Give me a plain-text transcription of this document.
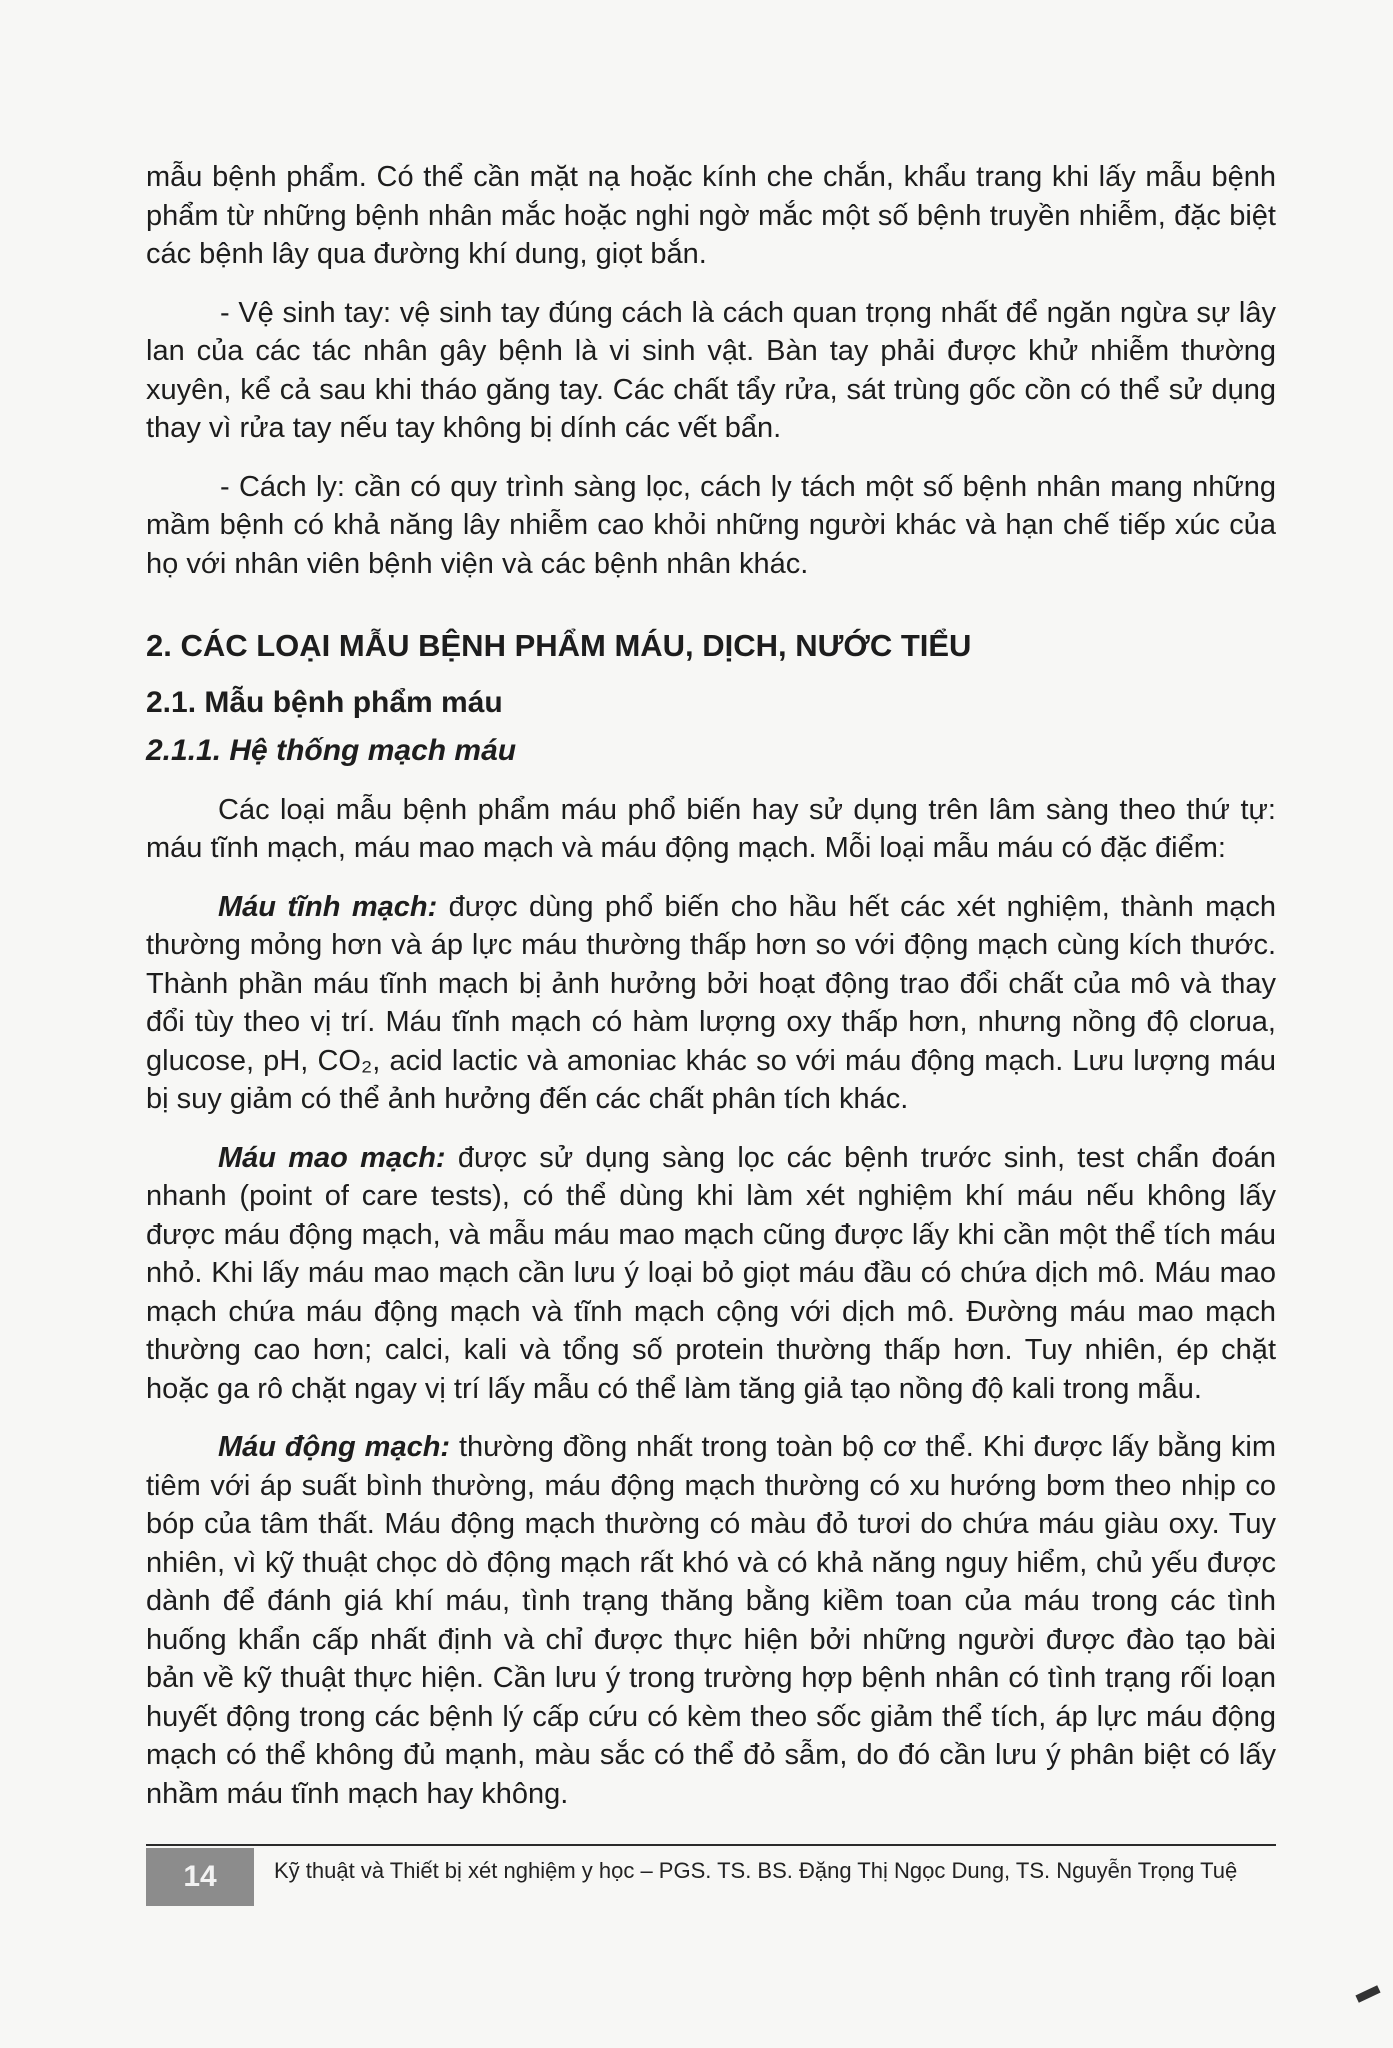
mẫu bệnh phẩm. Có thể cần mặt nạ hoặc kính che chắn, khẩu trang khi lấy mẫu bệnh phẩm từ những bệnh nhân mắc hoặc nghi ngờ mắc một số bệnh truyền nhiễm, đặc biệt các bệnh lây qua đường khí dung, giọt bắn.

- Vệ sinh tay: vệ sinh tay đúng cách là cách quan trọng nhất để ngăn ngừa sự lây lan của các tác nhân gây bệnh là vi sinh vật. Bàn tay phải được khử nhiễm thường xuyên, kể cả sau khi tháo găng tay. Các chất tẩy rửa, sát trùng gốc cồn có thể sử dụng thay vì rửa tay nếu tay không bị dính các vết bẩn.

- Cách ly: cần có quy trình sàng lọc, cách ly tách một số bệnh nhân mang những mầm bệnh có khả năng lây nhiễm cao khỏi những người khác và hạn chế tiếp xúc của họ với nhân viên bệnh viện và các bệnh nhân khác.

2. CÁC LOẠI MẪU BỆNH PHẨM MÁU, DỊCH, NƯỚC TIỂU

2.1. Mẫu bệnh phẩm máu

2.1.1. Hệ thống mạch máu

Các loại mẫu bệnh phẩm máu phổ biến hay sử dụng trên lâm sàng theo thứ tự: máu tĩnh mạch, máu mao mạch và máu động mạch. Mỗi loại mẫu máu có đặc điểm:

Máu tĩnh mạch: được dùng phổ biến cho hầu hết các xét nghiệm, thành mạch thường mỏng hơn và áp lực máu thường thấp hơn so với động mạch cùng kích thước. Thành phần máu tĩnh mạch bị ảnh hưởng bởi hoạt động trao đổi chất của mô và thay đổi tùy theo vị trí. Máu tĩnh mạch có hàm lượng oxy thấp hơn, nhưng nồng độ clorua, glucose, pH, CO₂, acid lactic và amoniac khác so với máu động mạch. Lưu lượng máu bị suy giảm có thể ảnh hưởng đến các chất phân tích khác.

Máu mao mạch: được sử dụng sàng lọc các bệnh trước sinh, test chẩn đoán nhanh (point of care tests), có thể dùng khi làm xét nghiệm khí máu nếu không lấy được máu động mạch, và mẫu máu mao mạch cũng được lấy khi cần một thể tích máu nhỏ. Khi lấy máu mao mạch cần lưu ý loại bỏ giọt máu đầu có chứa dịch mô. Máu mao mạch chứa máu động mạch và tĩnh mạch cộng với dịch mô. Đường máu mao mạch thường cao hơn; calci, kali và tổng số protein thường thấp hơn. Tuy nhiên, ép chặt hoặc ga rô chặt ngay vị trí lấy mẫu có thể làm tăng giả tạo nồng độ kali trong mẫu.

Máu động mạch: thường đồng nhất trong toàn bộ cơ thể. Khi được lấy bằng kim tiêm với áp suất bình thường, máu động mạch thường có xu hướng bơm theo nhịp co bóp của tâm thất. Máu động mạch thường có màu đỏ tươi do chứa máu giàu oxy. Tuy nhiên, vì kỹ thuật chọc dò động mạch rất khó và có khả năng nguy hiểm, chủ yếu được dành để đánh giá khí máu, tình trạng thăng bằng kiềm toan của máu trong các tình huống khẩn cấp nhất định và chỉ được thực hiện bởi những người được đào tạo bài bản về kỹ thuật thực hiện. Cần lưu ý trong trường hợp bệnh nhân có tình trạng rối loạn huyết động trong các bệnh lý cấp cứu có kèm theo sốc giảm thể tích, áp lực máu động mạch có thể không đủ mạnh, màu sắc có thể đỏ sẫm, do đó cần lưu ý phân biệt có lấy nhầm máu tĩnh mạch hay không.

14	Kỹ thuật và Thiết bị xét nghiệm y học – PGS. TS. BS. Đặng Thị Ngọc Dung, TS. Nguyễn Trọng Tuệ
